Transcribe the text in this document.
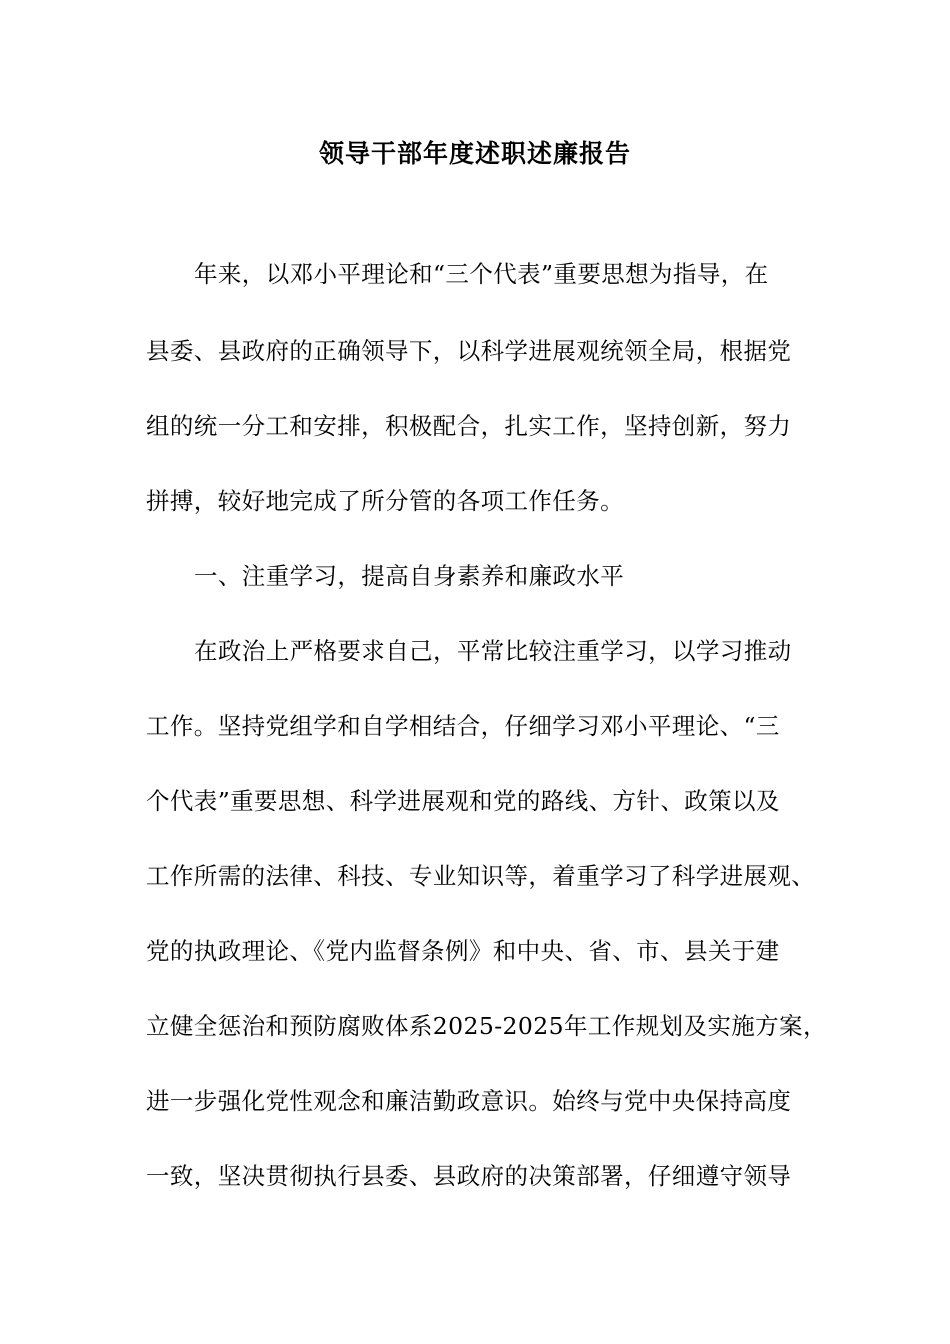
领导干部年度述职述廉报告
年来，以邓小平理论和“三个代表”重要思想为指导，在
县委、县政府的正确领导下，以科学进展观统领全局，根据党
组的统一分工和安排，积极配合，扎实工作，坚持创新，努力
拼搏，较好地完成了所分管的各项工作任务。
一、注重学习，提高自身素养和廉政水平
在政治上严格要求自己，平常比较注重学习，以学习推动
工作。坚持党组学和自学相结合，仔细学习邓小平理论、“三
个代表”重要思想、科学进展观和党的路线、方针、政策以及
工作所需的法律、科技、专业知识等，着重学习了科学进展观、
党的执政理论、《党内监督条例》和中央、省、市、县关于建
立健全惩治和预防腐败体系2025-2025年工作规划及实施方案，
进一步强化党性观念和廉洁勤政意识。始终与党中央保持高度
一致，坚决贯彻执行县委、县政府的决策部署，仔细遵守领导
